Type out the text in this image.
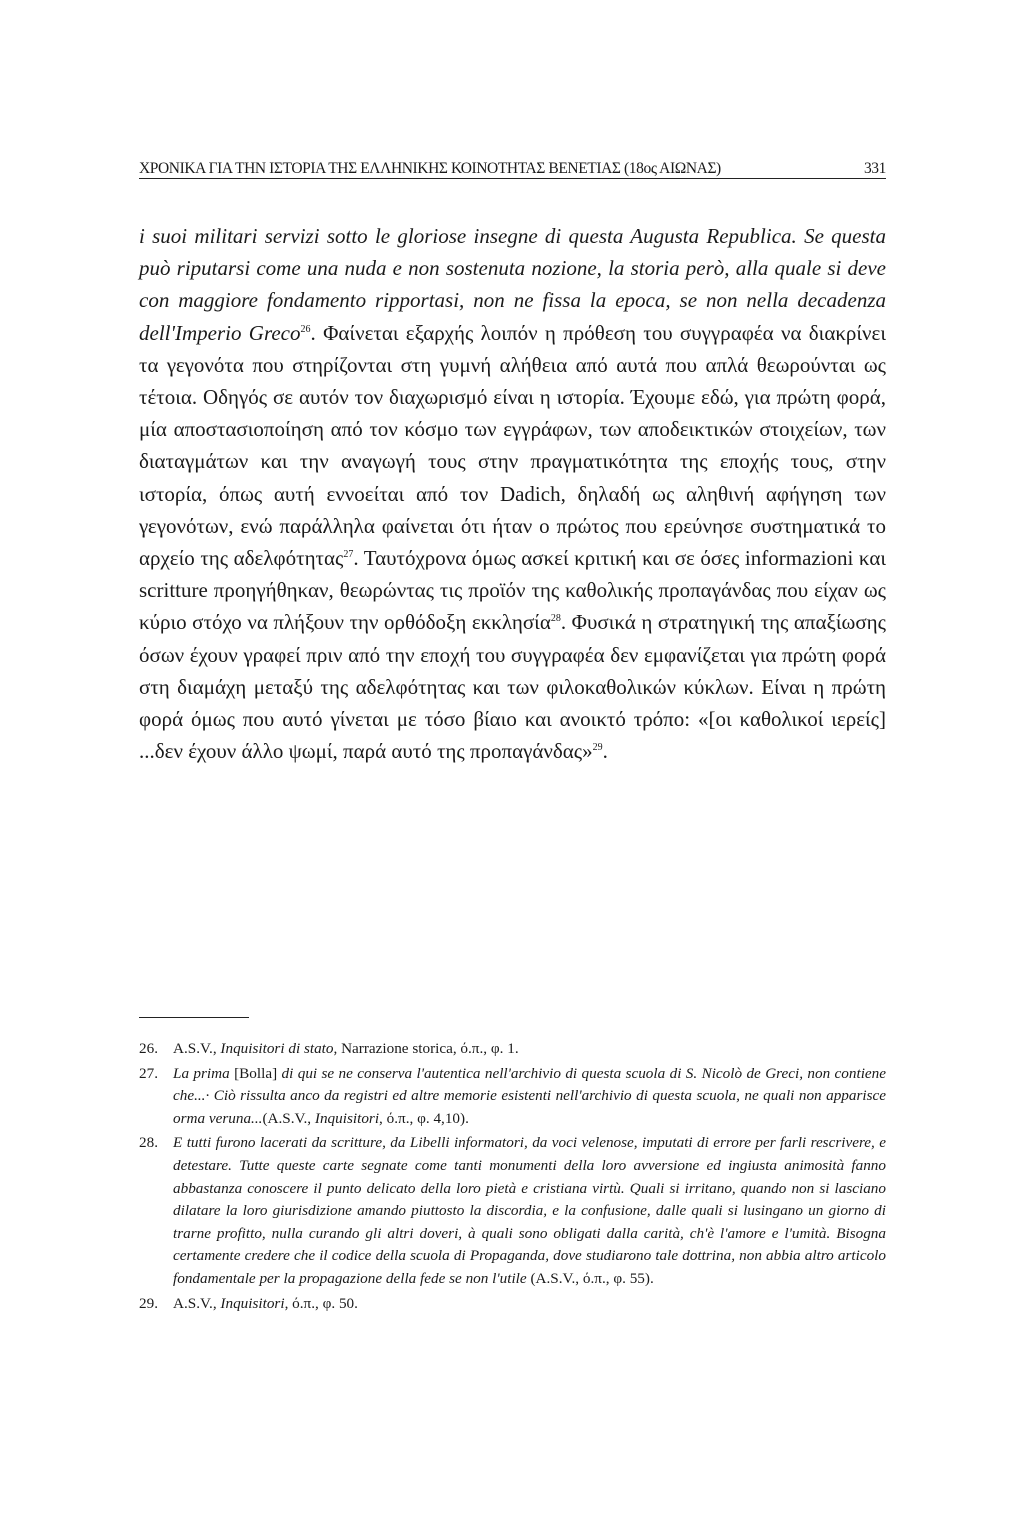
ΧΡΟΝΙΚΑ ΓΙΑ ΤΗΝ ΙΣΤΟΡΙΑ ΤΗΣ ΕΛΛΗΝΙΚΗΣ ΚΟΙΝΟΤΗΤΑΣ ΒΕΝΕΤΙΑΣ (18ος ΑΙΩΝΑΣ)	331

i suoi militari servizi sotto le gloriose insegne di questa Augusta Republica. Se questa può riputarsi come una nuda e non sostenuta nozione, la storia però, alla quale si deve con maggiore fondamento ripportasi, non ne fissa la epoca, se non nella decadenza dell'Imperio Greco$^{26}$. Φαίνεται εξαρχής λοιπόν η πρόθεση του συγγραφέα να διακρίνει τα γεγονότα που στηρίζονται στη γυμνή αλήθεια από αυτά που απλά θεωρούνται ως τέτοια. Οδηγός σε αυτόν τον διαχωρισμό είναι η ιστορία. Έχουμε εδώ, για πρώτη φορά, μία αποστασιοποίηση από τον κόσμο των εγγράφων, των αποδεικτικών στοιχείων, των διαταγμάτων και την αναγωγή τους στην πραγματικότητα της εποχής τους, στην ιστορία, όπως αυτή εννοείται από τον Dadich, δηλαδή ως αληθινή αφήγηση των γεγονότων, ενώ παράλληλα φαίνεται ότι ήταν ο πρώτος που ερεύνησε συστηματικά το αρχείο της αδελφότητας$^{27}$. Ταυτόχρονα όμως ασκεί κριτική και σε όσες informazioni και scritture προηγήθηκαν, θεωρώντας τις προϊόν της καθολικής προπαγάνδας που είχαν ως κύριο στόχο να πλήξουν την ορθόδοξη εκκλησία$^{28}$. Φυσικά η στρατηγική της απαξίωσης όσων έχουν γραφεί πριν από την εποχή του συγγραφέα δεν εμφανίζεται για πρώτη φορά στη διαμάχη μεταξύ της αδελφότητας και των φιλοκαθολικών κύκλων. Είναι η πρώτη φορά όμως που αυτό γίνεται με τόσο βίαιο και ανοικτό τρόπο: «[οι καθολικοί ιερείς] ...δεν έχουν άλλο ψωμί, παρά αυτό της προπαγάνδας»$^{29}$.

26. A.S.V., Inquisitori di stato, Narrazione storica, ό.π., φ. 1.
27. La prima [Bolla] di qui se ne conserva l'autentica nell'archivio di questa scuola di S. Nicolò de Greci, non contiene che...· Ciò rissulta anco da registri ed altre memorie esistenti nell'archivio di questa scuola, ne quali non apparisce orma veruna...(A.S.V., Inquisitori, ό.π., φ. 4,10).
28. E tutti furono lacerati da scritture, da Libelli informatori, da voci velenose, imputati di errore per farli rescrivere, e detestare. Tutte queste carte segnate come tanti monumenti della loro avversione ed ingiusta animosità fanno abbastanza conoscere il punto delicato della loro pietà e cristiana virtù. Quali si irritano, quando non si lasciano dilatare la loro giurisdizione amando piuttosto la discordia, e la confusione, dalle quali si lusingano un giorno di trarne profitto, nulla curando gli altri doveri, à quali sono obligati dalla carità, ch'è l'amore e l'umità. Bisogna certamente credere che il codice della scuola di Propaganda, dove studiarono tale dottrina, non abbia altro articolo fondamentale per la propagazione della fede se non l'utile (A.S.V., ό.π., φ. 55).
29. A.S.V., Inquisitori, ό.π., φ. 50.
